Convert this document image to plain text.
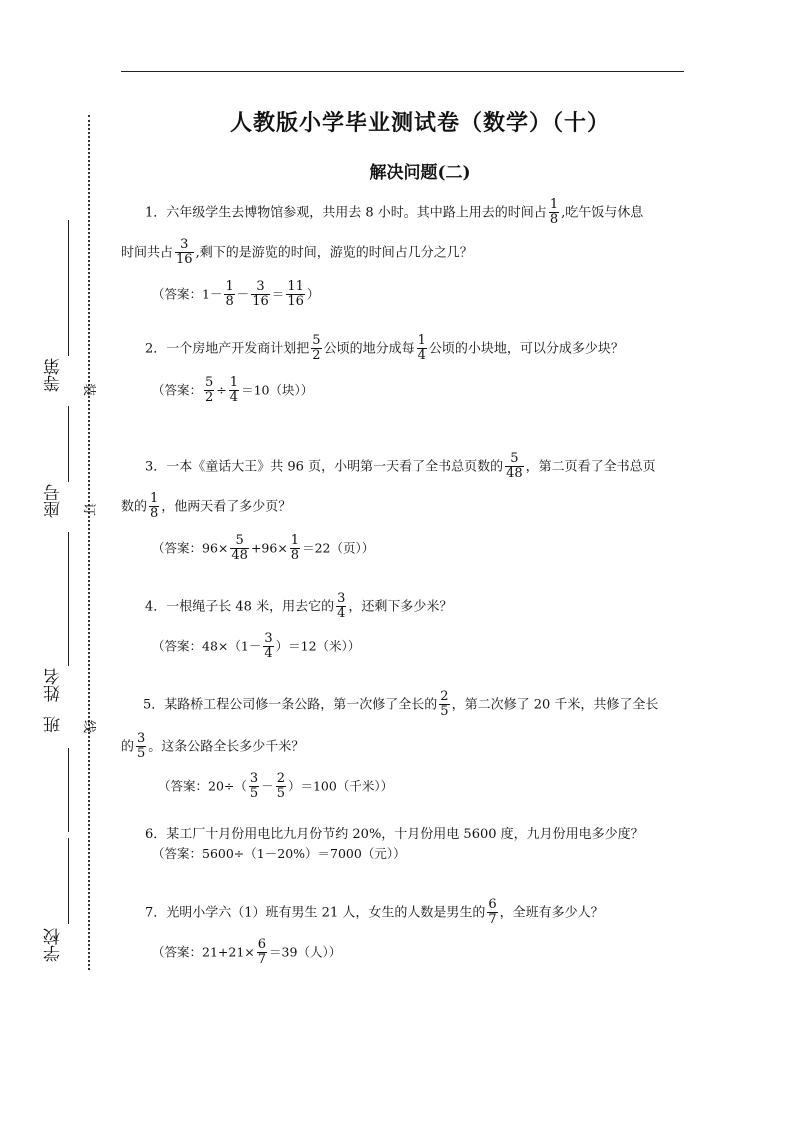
学校
班
姓名
座号
等第 装
订
线
人教版小学毕业测试卷（数学）（十）
解决问题(二)
1．六年级学生去博物馆参观，共用去 8 小时。其中路上用去的时间占 $\frac{1}{8}$ ,吃午饭与休息
时间共占 $\frac{3}{16}$ ,剩下的是游览的时间，游览的时间占几分之几？
（答案：$1- \frac{1}{8} - \frac{3}{16} = \frac{11}{16}$ ）
2．一个房地产开发商计划把 $\frac{5}{2}$ 公顷的地分成每 $\frac{1}{4}$ 公顷的小块地，可以分成多少块？
（答案： $\frac{5}{2} \div \frac{1}{4} =10$（块））
3．一本《童话大王》共 96 页，小明第一天看了全书总页数的 $\frac{5}{48}$ ，第二页看了全书总页
数的 $\frac{1}{8}$ ，他两天看了多少页？
（答案：$96\times \frac{5}{48} +96\times \frac{1}{8} =22$（页））
4．一根绳子长 48 米，用去它的 $\frac{3}{4}$ ，还剩下多少米？
（答案：$48\times(1- \frac{3}{4} )=12$（米））
5．某路桥工程公司修一条公路，第一次修了全长的 $\frac{2}{5}$ ，第二次修了 20 千米，共修了全长
的 $\frac{3}{5}$ 。这条公路全长多少千米？
（答案：$20\div( \frac{3}{5} - \frac{2}{5} )=100$（千米））
6．某工厂十月份用电比九月份节约 20%，十月份用电 5600 度，九月份用电多少度？
（答案：5600÷（1－20%）＝7000（元））
7．光明小学六（1）班有男生 21 人，女生的人数是男生的 $\frac{6}{7}$ ，全班有多少人？
（答案：$21+21\times \frac{6}{7} =39$（人））
